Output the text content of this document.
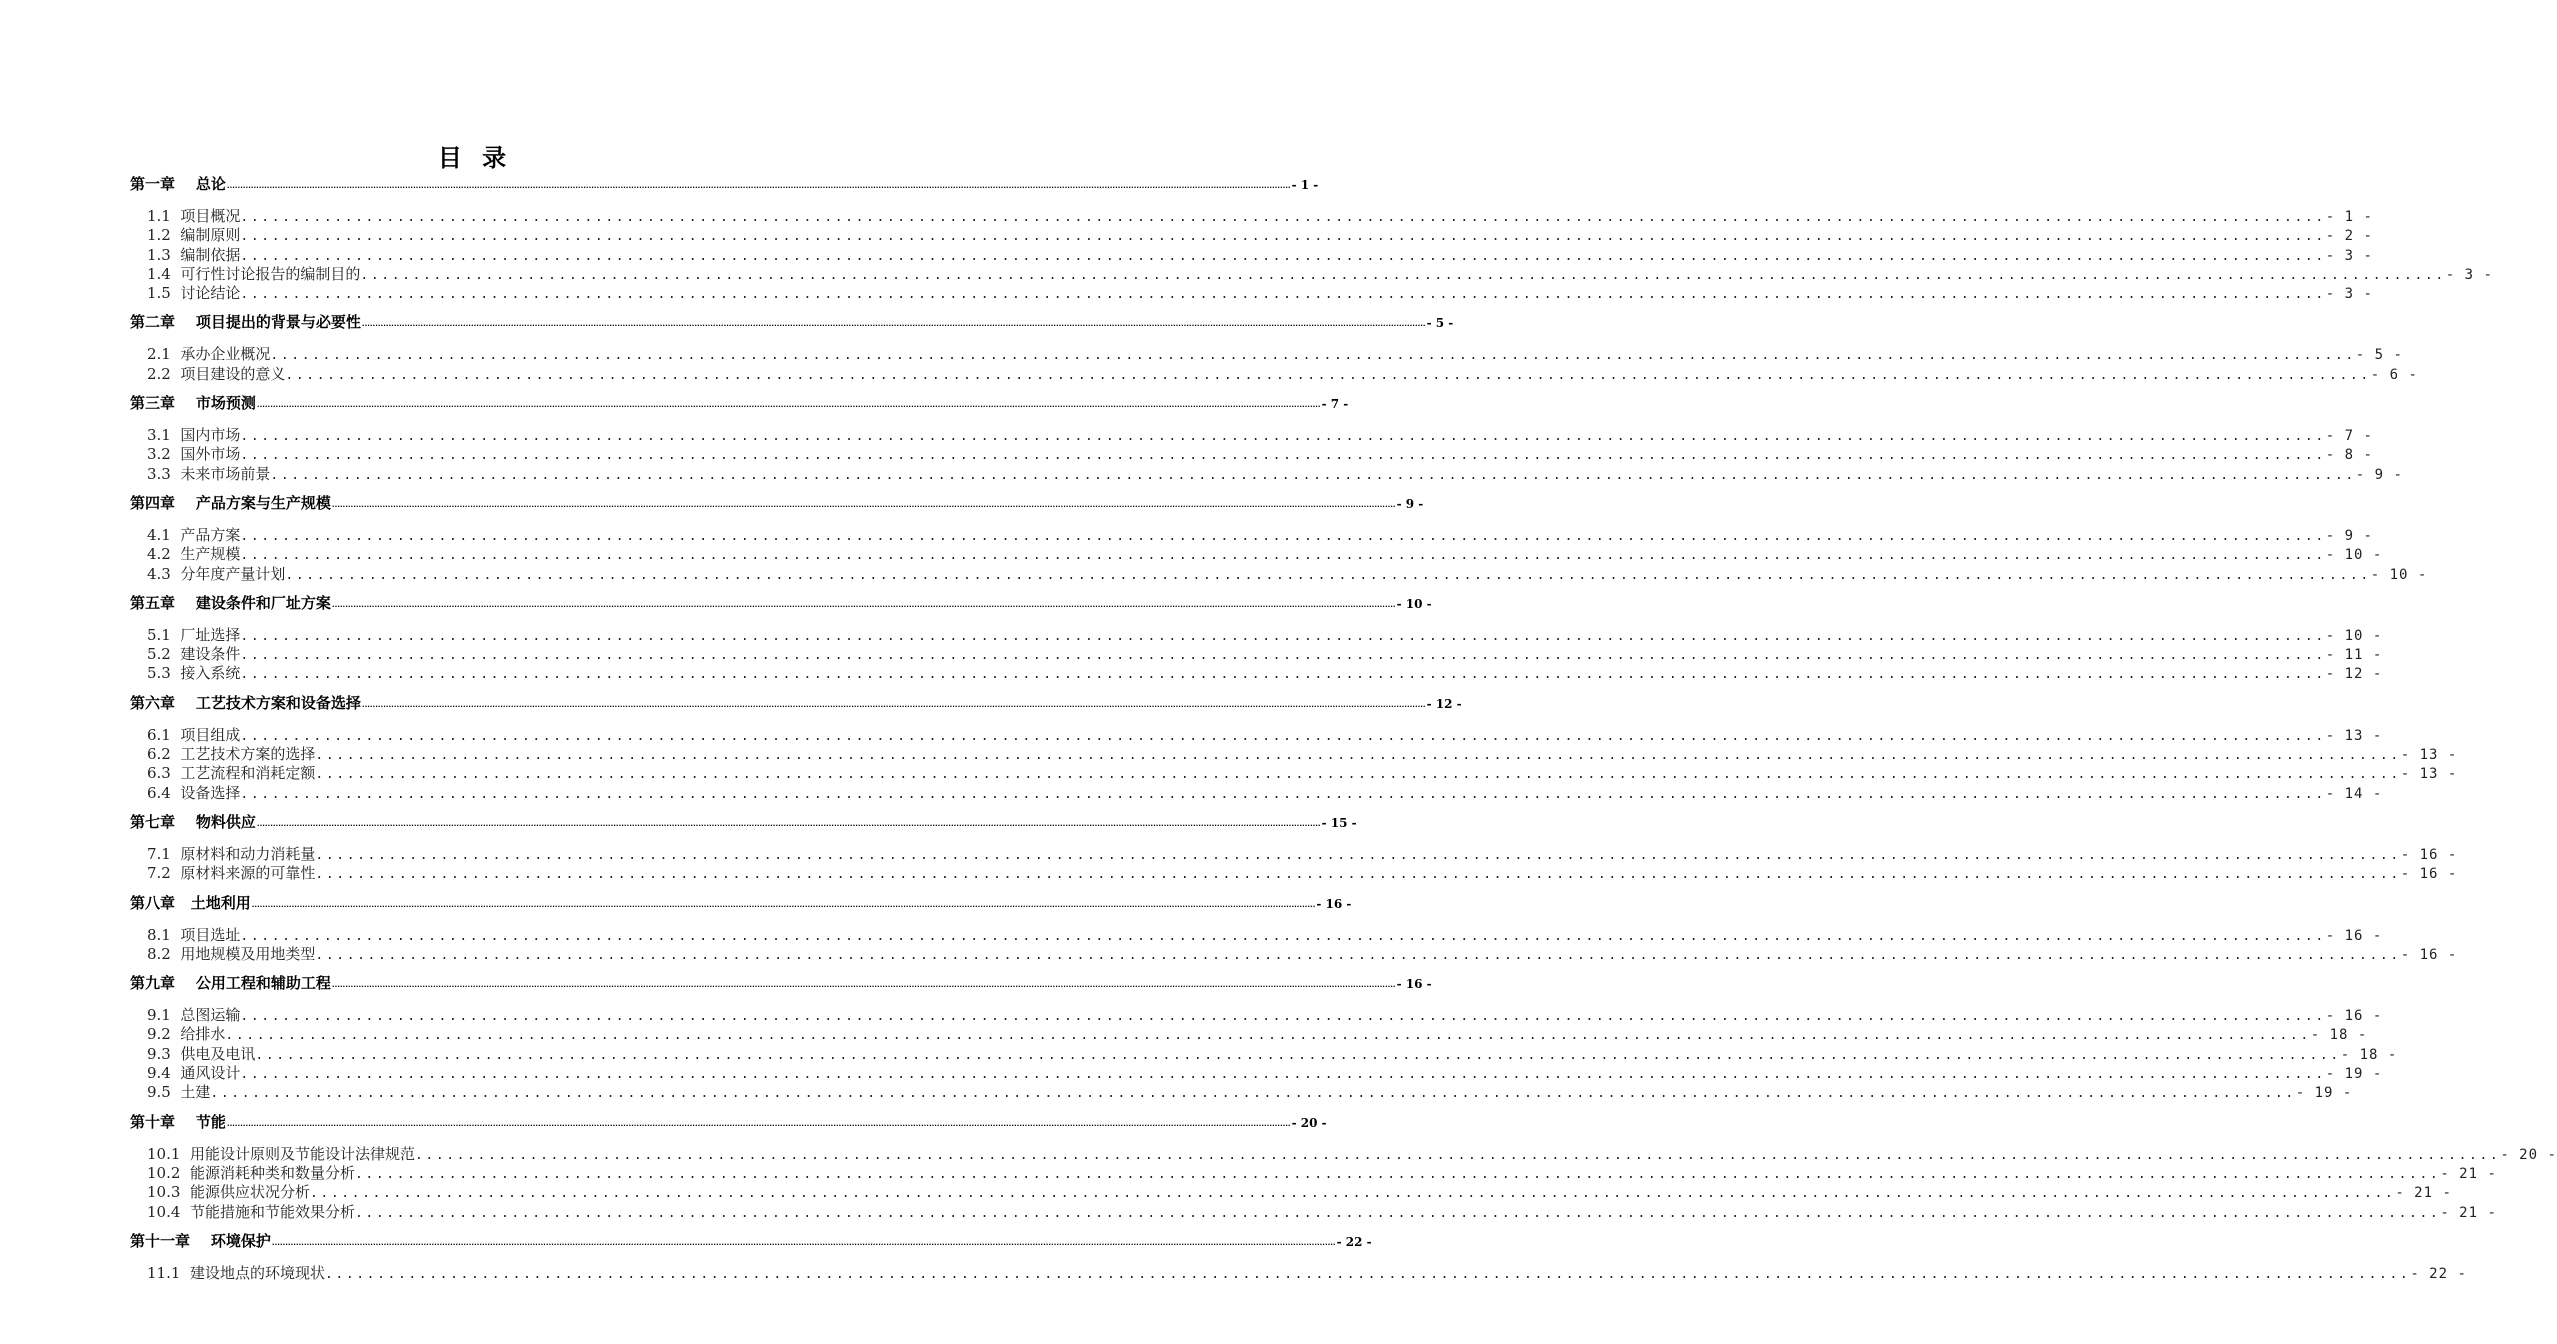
目 录
第一章
总论 ................................................................................................................................................................................................................................................................................................................................................................................................................ - 1 -
1.1
项目概况 ........................................................................................................................................................................................................ - 1 -
1.2
编制原则 ........................................................................................................................................................................................................ - 2 -
1.3
编制依据 ........................................................................................................................................................................................................ - 3 -
1.4
可行性讨论报告的编制目的 ........................................................................................................................................................................................................ - 3 -
1.5
讨论结论 ........................................................................................................................................................................................................ - 3 -
第二章
项目提出的背景与必要性 ................................................................................................................................................................................................................................................................................................................................................................................................................ - 5 -
2.1
承办企业概况 ........................................................................................................................................................................................................ - 5 -
2.2
项目建设的意义 ........................................................................................................................................................................................................ - 6 -
第三章
市场预测 ................................................................................................................................................................................................................................................................................................................................................................................................................ - 7 -
3.1
国内市场 ........................................................................................................................................................................................................ - 7 -
3.2
国外市场 ........................................................................................................................................................................................................ - 8 -
3.3
未来市场前景 ........................................................................................................................................................................................................ - 9 -
第四章
产品方案与生产规模 ................................................................................................................................................................................................................................................................................................................................................................................................................ - 9 -
4.1
产品方案 ........................................................................................................................................................................................................ - 9 -
4.2
生产规模 ........................................................................................................................................................................................................ - 10 -
4.3
分年度产量计划 ........................................................................................................................................................................................................ - 10 -
第五章
建设条件和厂址方案 ................................................................................................................................................................................................................................................................................................................................................................................................................ - 10 -
5.1
厂址选择 ........................................................................................................................................................................................................ - 10 -
5.2
建设条件 ........................................................................................................................................................................................................ - 11 -
5.3
接入系统 ........................................................................................................................................................................................................ - 12 -
第六章
工艺技术方案和设备选择 ................................................................................................................................................................................................................................................................................................................................................................................................................ - 12 -
6.1
项目组成 ........................................................................................................................................................................................................ - 13 -
6.2
工艺技术方案的选择 ........................................................................................................................................................................................................ - 13 -
6.3
工艺流程和消耗定额 ........................................................................................................................................................................................................ - 13 -
6.4
设备选择 ........................................................................................................................................................................................................ - 14 -
第七章
物料供应 ................................................................................................................................................................................................................................................................................................................................................................................................................ - 15 -
7.1
原材料和动力消耗量 ........................................................................................................................................................................................................ - 16 -
7.2
原材料来源的可靠性 ........................................................................................................................................................................................................ - 16 -
第八章
土地利用 ................................................................................................................................................................................................................................................................................................................................................................................................................ - 16 -
8.1
项目选址 ........................................................................................................................................................................................................ - 16 -
8.2
用地规模及用地类型 ........................................................................................................................................................................................................ - 16 -
第九章
公用工程和辅助工程 ................................................................................................................................................................................................................................................................................................................................................................................................................ - 16 -
9.1
总图运输 ........................................................................................................................................................................................................ - 16 -
9.2
给排水 ........................................................................................................................................................................................................ - 18 -
9.3
供电及电讯 ........................................................................................................................................................................................................ - 18 -
9.4
通风设计 ........................................................................................................................................................................................................ - 19 -
9.5
土建 ........................................................................................................................................................................................................ - 19 -
第十章
节能 ................................................................................................................................................................................................................................................................................................................................................................................................................ - 20 -
10.1
用能设计原则及节能设计法律规范 ........................................................................................................................................................................................................ - 20 -
10.2
能源消耗种类和数量分析 ........................................................................................................................................................................................................ - 21 -
10.3
能源供应状况分析 ........................................................................................................................................................................................................ - 21 -
10.4
节能措施和节能效果分析 ........................................................................................................................................................................................................ - 21 -
第十一章
环境保护 ................................................................................................................................................................................................................................................................................................................................................................................................................ - 22 -
11.1
建设地点的环境现状 ........................................................................................................................................................................................................ - 22 -
